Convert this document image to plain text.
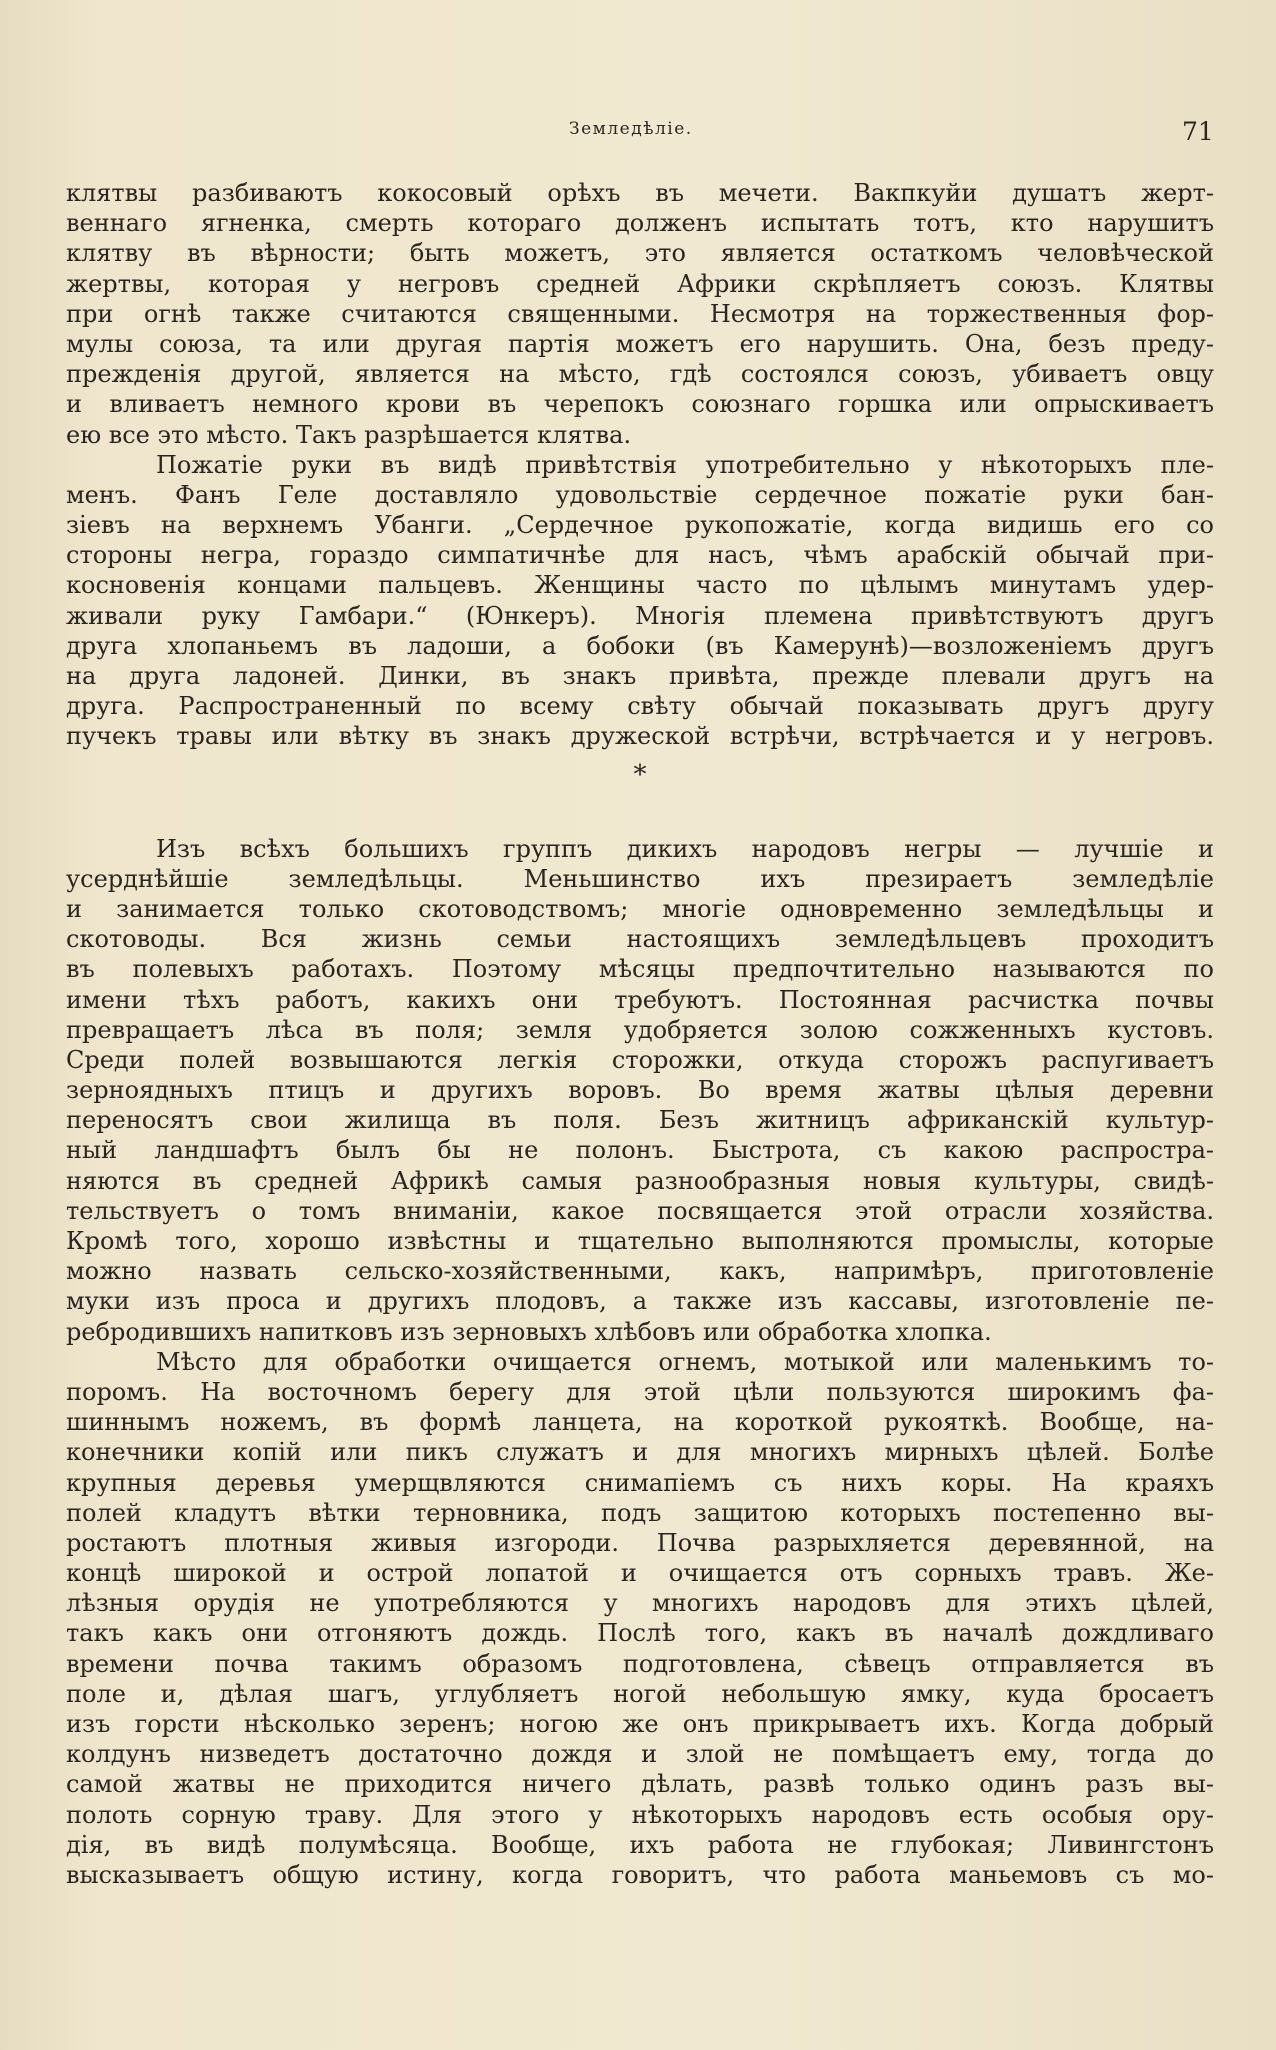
Земледѣлiе.	71
клятвы разбиваютъ кокосовый орѣхъ въ мечети. Вакпкуйи душатъ жерт-
веннаго ягненка, смерть котораго долженъ испытать тотъ, кто нарушитъ
клятву въ вѣрности; быть можетъ, это является остаткомъ человѣческой
жертвы, которая у негровъ средней Африки скрѣпляетъ союзъ. Клятвы
при огнѣ также считаются священными. Несмотря на торжественныя фор-
мулы союза, та или другая партiя можетъ его нарушить. Она, безъ преду-
прежденiя другой, является на мѣсто, гдѣ состоялся союзъ, убиваетъ овцу
и вливаетъ немного крови въ черепокъ союзнаго горшка или опрыскиваетъ
ею все это мѣсто. Такъ разрѣшается клятва.
Пожатiе руки въ видѣ привѣтствiя употребительно у нѣкоторыхъ пле-
менъ. Фанъ Геле доставляло удовольствiе сердечное пожатiе руки бан-
зiевъ на верхнемъ Убанги. „Сердечное рукопожатiе, когда видишь его со
стороны негра, гораздо симпатичнѣе для насъ, чѣмъ арабскiй обычай при-
косновенiя концами пальцевъ. Женщины часто по цѣлымъ минутамъ удер-
живали руку Гамбари.“ (Юнкеръ). Многiя племена привѣтствуютъ другъ
друга хлопаньемъ въ ладоши, а бобоки (въ Камерунѣ)—возложенiемъ другъ
на друга ладоней. Динки, въ знакъ привѣта, прежде плевали другъ на
друга. Распространенный по всему свѣту обычай показывать другъ другу
пучекъ травы или вѣтку въ знакъ дружеской встрѣчи, встрѣчается и у негровъ.
*
Изъ всѣхъ большихъ группъ дикихъ народовъ негры — лучшiе и
усерднѣйшiе земледѣльцы. Меньшинство ихъ презираетъ земледѣлiе
и занимается только скотоводствомъ; многiе одновременно земледѣльцы и
скотоводы. Вся жизнь семьи настоящихъ земледѣльцевъ проходитъ
въ полевыхъ работахъ. Поэтому мѣсяцы предпочтительно называются по
имени тѣхъ работъ, какихъ они требуютъ. Постоянная расчистка почвы
превращаетъ лѣса въ поля; земля удобряется золою сожженныхъ кустовъ.
Среди полей возвышаются легкiя сторожки, откуда сторожъ распугиваетъ
зерноядныхъ птицъ и другихъ воровъ. Во время жатвы цѣлыя деревни
переносятъ свои жилища въ поля. Безъ житницъ африканскiй культур-
ный ландшафтъ былъ бы не полонъ. Быстрота, съ какою распростра-
няются въ средней Африкѣ самыя разнообразныя новыя культуры, свидѣ-
тельствуетъ о томъ вниманiи, какое посвящается этой отрасли хозяйства.
Кромѣ того, хорошо извѣстны и тщательно выполняются промыслы, которые
можно назвать сельско-хозяйственными, какъ, напримѣръ, приготовленiе
муки изъ проса и другихъ плодовъ, а также изъ кассавы, изготовленiе пе-
ребродившихъ напитковъ изъ зерновыхъ хлѣбовъ или обработка хлопка.
Мѣсто для обработки очищается огнемъ, мотыкой или маленькимъ то-
поромъ. На восточномъ берегу для этой цѣли пользуются широкимъ фа-
шиннымъ ножемъ, въ формѣ ланцета, на короткой рукояткѣ. Вообще, на-
конечники копiй или пикъ служатъ и для многихъ мирныхъ цѣлей. Болѣе
крупныя деревья умерщвляются снимапiемъ съ нихъ коры. На краяхъ
полей кладутъ вѣтки терновника, подъ защитою которыхъ постепенно вы-
ростаютъ плотныя живыя изгороди. Почва разрыхляется деревянной, на
концѣ широкой и острой лопатой и очищается отъ сорныхъ травъ. Же-
лѣзныя орудiя не употребляются у многихъ народовъ для этихъ цѣлей,
такъ какъ они отгоняютъ дождь. Послѣ того, какъ въ началѣ дождливаго
времени почва такимъ образомъ подготовлена, сѣвецъ отправляется въ
поле и, дѣлая шагъ, углубляетъ ногой небольшую ямку, куда бросаетъ
изъ горсти нѣсколько зеренъ; ногою же онъ прикрываетъ ихъ. Когда добрый
колдунъ низведетъ достаточно дождя и злой не помѣщаетъ ему, тогда до
самой жатвы не приходится ничего дѣлать, развѣ только одинъ разъ вы-
полоть сорную траву. Для этого у нѣкоторыхъ народовъ есть особыя ору-
дiя, въ видѣ полумѣсяца. Вообще, ихъ работа не глубокая; Ливингстонъ
высказываетъ общую истину, когда говоритъ, что работа маньемовъ съ мо-
